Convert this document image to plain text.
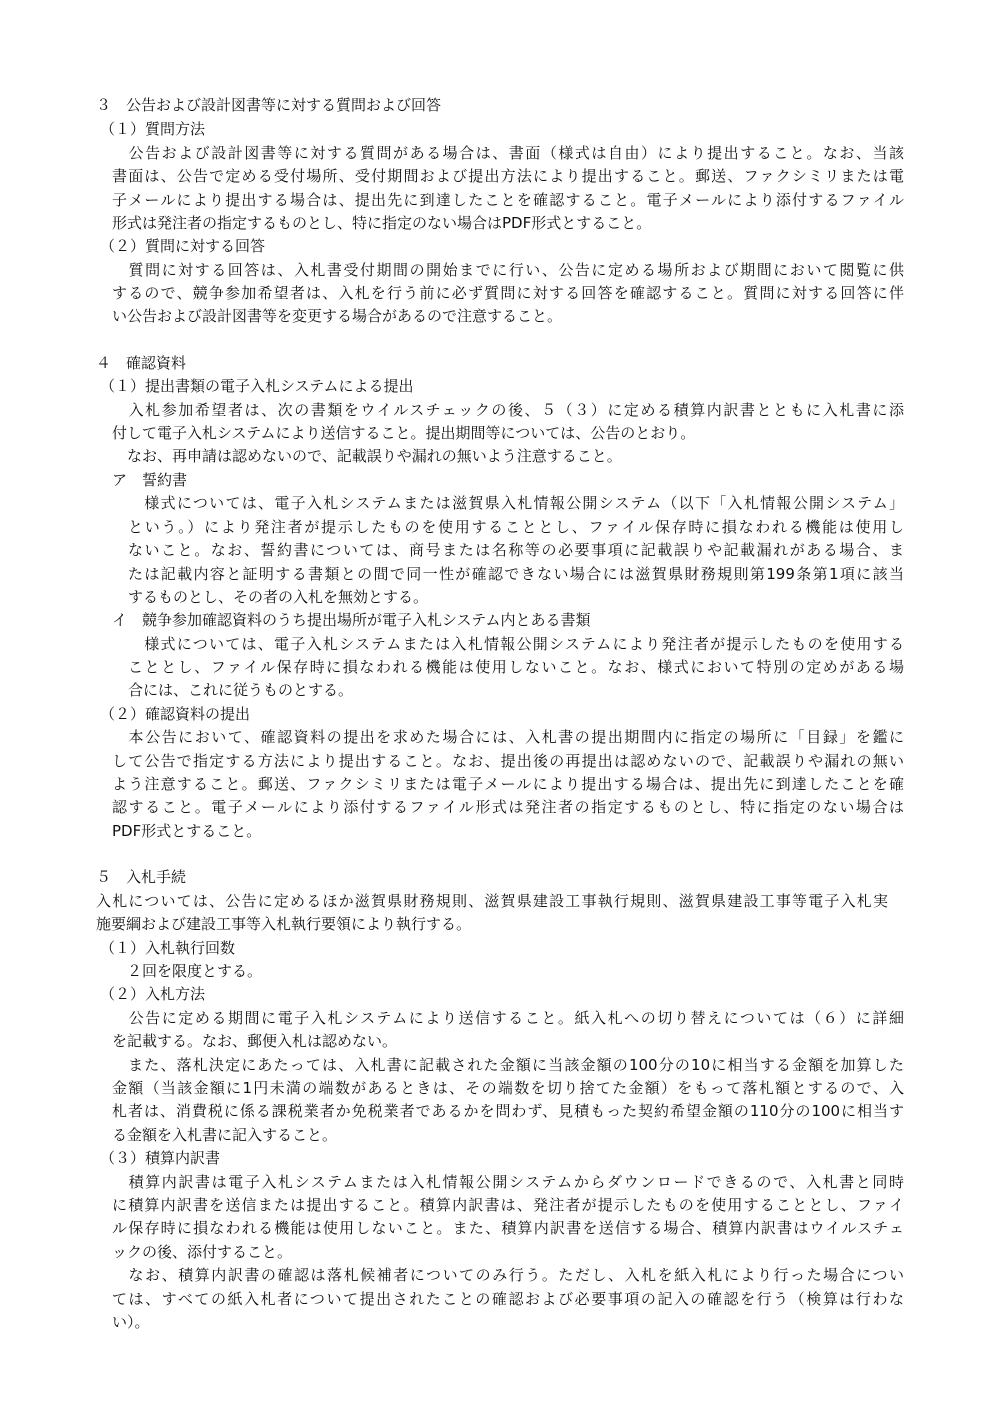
３　公告および設計図書等に対する質問および回答
（１）質問方法
　公告および設計図書等に対する質問がある場合は、書面（様式は自由）により提出すること。なお、当該
書面は、公告で定める受付場所、受付期間および提出方法により提出すること。郵送、ファクシミリまたは電
子メールにより提出する場合は、提出先に到達したことを確認すること。電子メールにより添付するファイル
形式は発注者の指定するものとし、特に指定のない場合はPDF形式とすること。
（２）質問に対する回答
　質問に対する回答は、入札書受付期間の開始までに行い、公告に定める場所および期間において閲覧に供
するので、競争参加希望者は、入札を行う前に必ず質問に対する回答を確認すること。質問に対する回答に伴
い公告および設計図書等を変更する場合があるので注意すること。
４　確認資料
（１）提出書類の電子入札システムによる提出
　入札参加希望者は、次の書類をウイルスチェックの後、５（３）に定める積算内訳書とともに入札書に添
付して電子入札システムにより送信すること。提出期間等については、公告のとおり。
　なお、再申請は認めないので、記載誤りや漏れの無いよう注意すること。
ア　誓約書
　様式については、電子入札システムまたは滋賀県入札情報公開システム（以下「入札情報公開システム」
という。）により発注者が提示したものを使用することとし、ファイル保存時に損なわれる機能は使用し
ないこと。なお、誓約書については、商号または名称等の必要事項に記載誤りや記載漏れがある場合、ま
たは記載内容と証明する書類との間で同一性が確認できない場合には滋賀県財務規則第199条第1項に該当
するものとし、その者の入札を無効とする。
イ　競争参加確認資料のうち提出場所が電子入札システム内とある書類
　様式については、電子入札システムまたは入札情報公開システムにより発注者が提示したものを使用する
こととし、ファイル保存時に損なわれる機能は使用しないこと。なお、様式において特別の定めがある場
合には、これに従うものとする。
（２）確認資料の提出
　本公告において、確認資料の提出を求めた場合には、入札書の提出期間内に指定の場所に「目録」を鑑に
して公告で指定する方法により提出すること。なお、提出後の再提出は認めないので、記載誤りや漏れの無い
よう注意すること。郵送、ファクシミリまたは電子メールにより提出する場合は、提出先に到達したことを確
認すること。電子メールにより添付するファイル形式は発注者の指定するものとし、特に指定のない場合は
PDF形式とすること。
５　入札手続
入札については、公告に定めるほか滋賀県財務規則、滋賀県建設工事執行規則、滋賀県建設工事等電子入札実
施要綱および建設工事等入札執行要領により執行する。
（１）入札執行回数
　２回を限度とする。
（２）入札方法
　公告に定める期間に電子入札システムにより送信すること。紙入札への切り替えについては（６）に詳細
を記載する。なお、郵便入札は認めない。
　また、落札決定にあたっては、入札書に記載された金額に当該金額の100分の10に相当する金額を加算した
金額（当該金額に1円未満の端数があるときは、その端数を切り捨てた金額）をもって落札額とするので、入
札者は、消費税に係る課税業者か免税業者であるかを問わず、見積もった契約希望金額の110分の100に相当す
る金額を入札書に記入すること。
（３）積算内訳書
　積算内訳書は電子入札システムまたは入札情報公開システムからダウンロードできるので、入札書と同時
に積算内訳書を送信または提出すること。積算内訳書は、発注者が提示したものを使用することとし、ファイ
ル保存時に損なわれる機能は使用しないこと。また、積算内訳書を送信する場合、積算内訳書はウイルスチェ
ックの後、添付すること。
　なお、積算内訳書の確認は落札候補者についてのみ行う。ただし、入札を紙入札により行った場合につい
ては、すべての紙入札者について提出されたことの確認および必要事項の記入の確認を行う（検算は行わな
い）。
